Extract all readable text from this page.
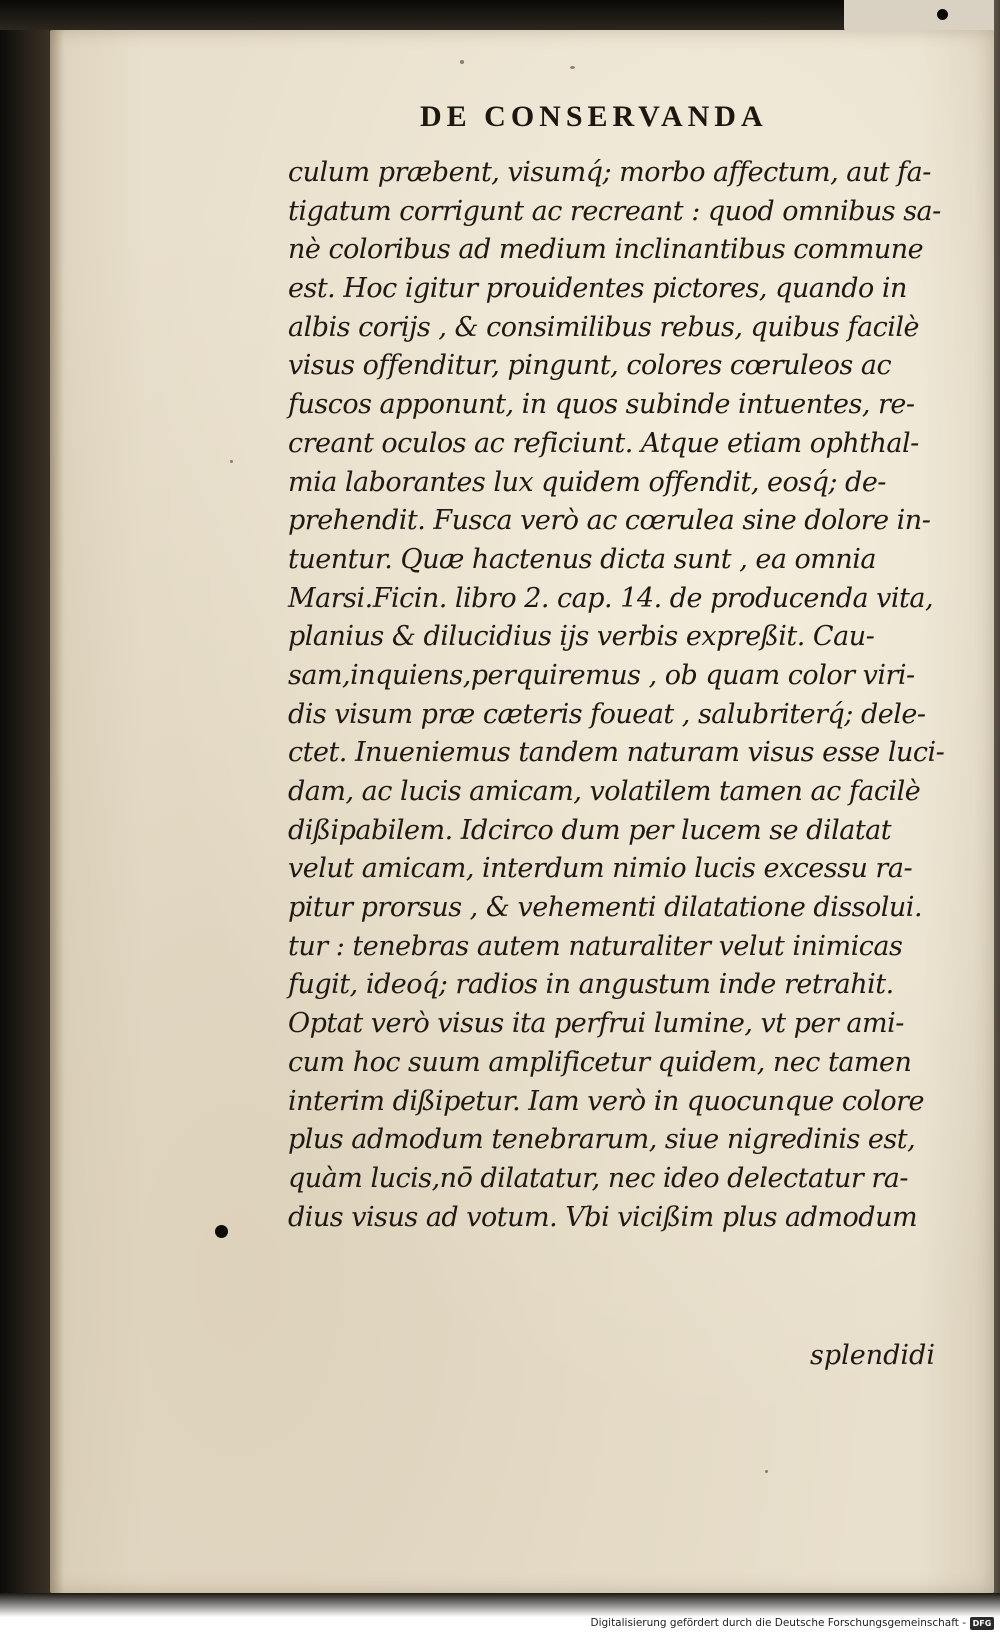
DE CONSERVANDA
culum præbent, visumq́; morbo affectum, aut fa-
tigatum corrigunt ac recreant : quod omnibus sa-
nè coloribus ad medium inclinantibus commune
est. Hoc igitur prouidentes pictores, quando in
albis corijs , & consimilibus rebus, quibus facilè
visus offenditur, pingunt, colores cœruleos ac
fuscos apponunt, in quos subinde intuentes, re-
creant oculos ac reficiunt. Atque etiam ophthal-
mia laborantes lux quidem offendit, eosq́; de-
prehendit. Fusca verò ac cœrulea sine dolore in-
tuentur. Quæ hactenus dicta sunt , ea omnia
Marsi.Ficin. libro 2. cap. 14. de producenda vita,
planius & dilucidius ijs verbis expreßit. Cau-
sam,inquiens,perquiremus , ob quam color viri-
dis visum præ cæteris foueat , salubriterq́; dele-
ctet. Inueniemus tandem naturam visus esse luci-
dam, ac lucis amicam, volatilem tamen ac facilè
dißipabilem. Idcirco dum per lucem se dilatat
velut amicam, interdum nimio lucis excessu ra-
pitur prorsus , & vehementi dilatatione dissolui.
tur : tenebras autem naturaliter velut inimicas
fugit, ideoq́; radios in angustum inde retrahit.
Optat verò visus ita perfrui lumine, vt per ami-
cum hoc suum amplificetur quidem, nec tamen
interim dißipetur. Iam verò in quocunque colore
plus admodum tenebrarum, siue nigredinis est,
quàm lucis,nō dilatatur, nec ideo delectatur ra-
dius visus ad votum. Vbi vicißim plus admodum
splendidi
Digitalisierung gefördert durch die Deutsche Forschungsgemeinschaft - DFG
